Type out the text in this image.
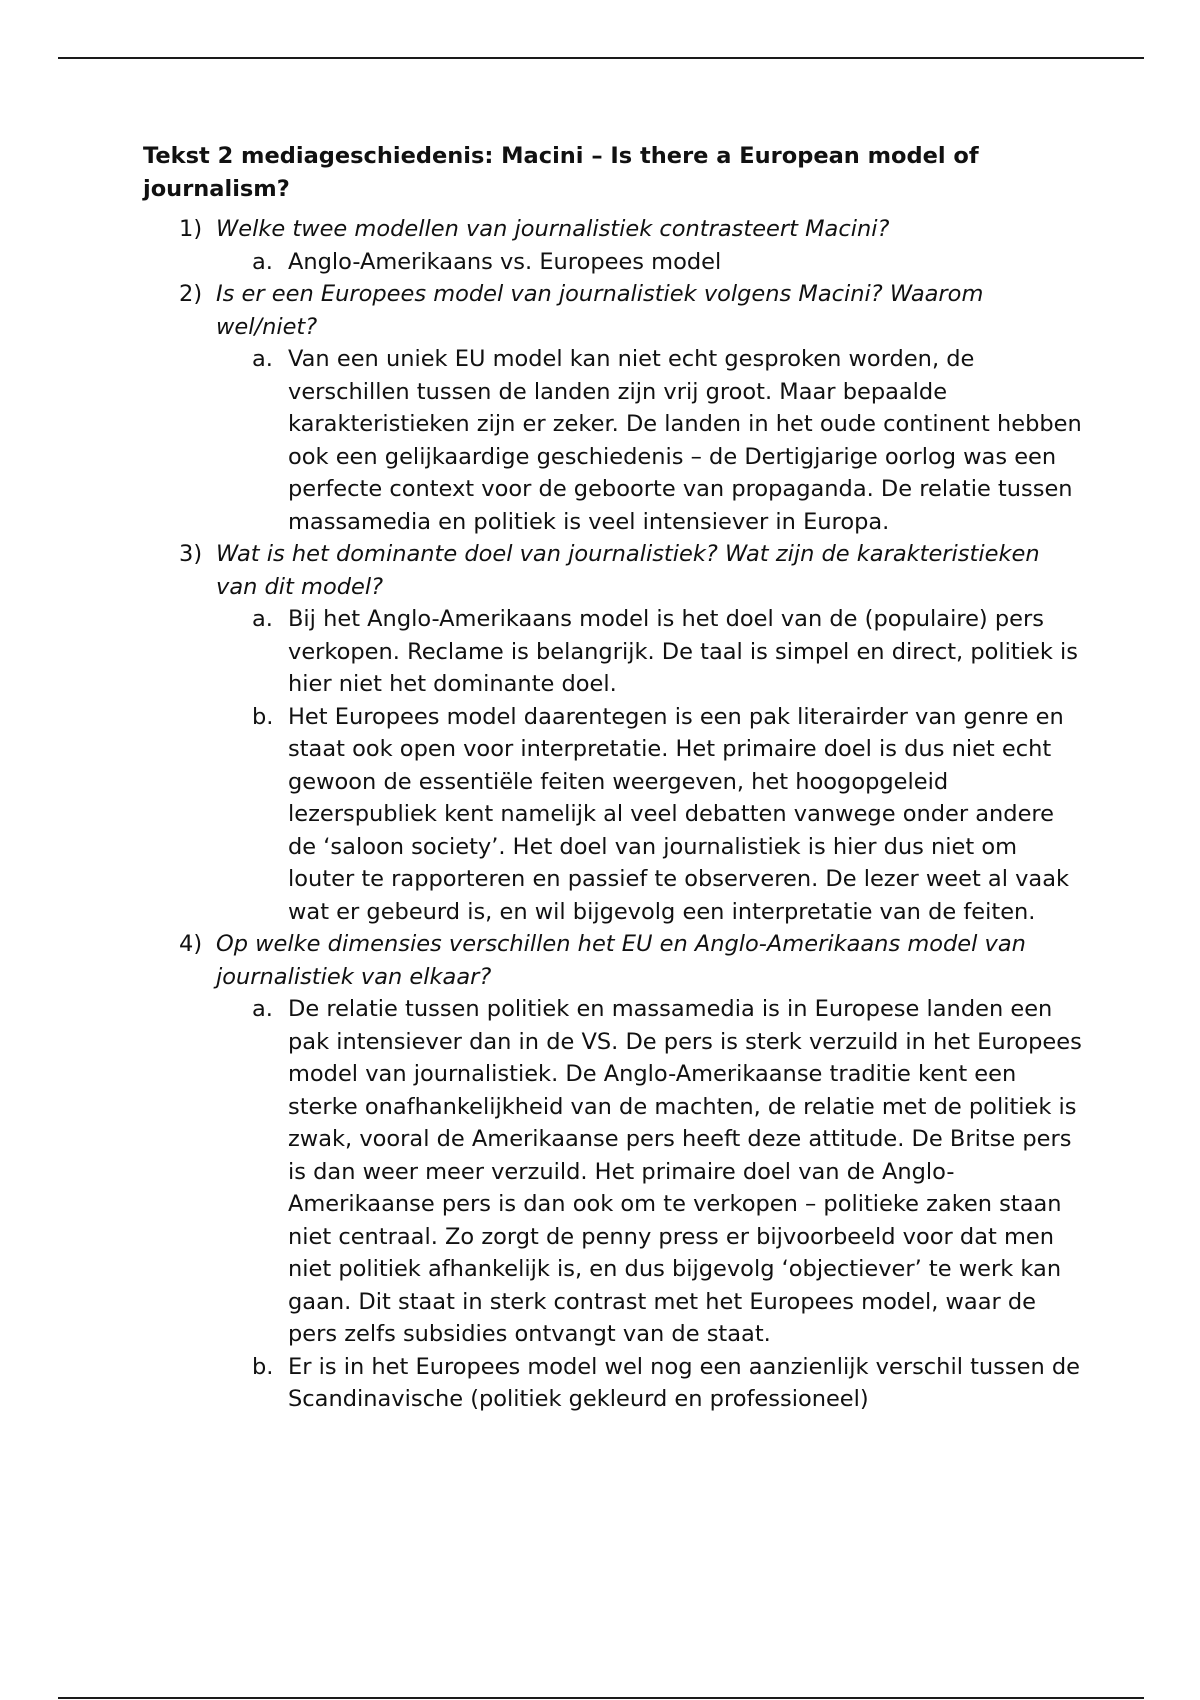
Tekst 2 mediageschiedenis: Macini – Is there a European model of journalism?
1) Welke twee modellen van journalistiek contrasteert Macini?
a. Anglo-Amerikaans vs. Europees model
2) Is er een Europees model van journalistiek volgens Macini? Waarom wel/niet?
a. Van een uniek EU model kan niet echt gesproken worden, de verschillen tussen de landen zijn vrij groot. Maar bepaalde karakteristieken zijn er zeker. De landen in het oude continent hebben ook een gelijkaardige geschiedenis – de Dertigjarige oorlog was een perfecte context voor de geboorte van propaganda. De relatie tussen massamedia en politiek is veel intensiever in Europa.
3) Wat is het dominante doel van journalistiek? Wat zijn de karakteristieken van dit model?
a. Bij het Anglo-Amerikaans model is het doel van de (populaire) pers verkopen. Reclame is belangrijk. De taal is simpel en direct, politiek is hier niet het dominante doel.
b. Het Europees model daarentegen is een pak literairder van genre en staat ook open voor interpretatie. Het primaire doel is dus niet echt gewoon de essentiële feiten weergeven, het hoogopgeleid lezerspubliek kent namelijk al veel debatten vanwege onder andere de ‘saloon society’. Het doel van journalistiek is hier dus niet om louter te rapporteren en passief te observeren. De lezer weet al vaak wat er gebeurd is, en wil bijgevolg een interpretatie van de feiten.
4) Op welke dimensies verschillen het EU en Anglo-Amerikaans model van journalistiek van elkaar?
a. De relatie tussen politiek en massamedia is in Europese landen een pak intensiever dan in de VS. De pers is sterk verzuild in het Europees model van journalistiek. De Anglo-Amerikaanse traditie kent een sterke onafhankelijkheid van de machten, de relatie met de politiek is zwak, vooral de Amerikaanse pers heeft deze attitude. De Britse pers is dan weer meer verzuild. Het primaire doel van de Anglo-Amerikaanse pers is dan ook om te verkopen – politieke zaken staan niet centraal. Zo zorgt de penny press er bijvoorbeeld voor dat men niet politiek afhankelijk is, en dus bijgevolg ‘objectiever’ te werk kan gaan. Dit staat in sterk contrast met het Europees model, waar de pers zelfs subsidies ontvangt van de staat.
b. Er is in het Europees model wel nog een aanzienlijk verschil tussen de Scandinavische (politiek gekleurd en professioneel)
